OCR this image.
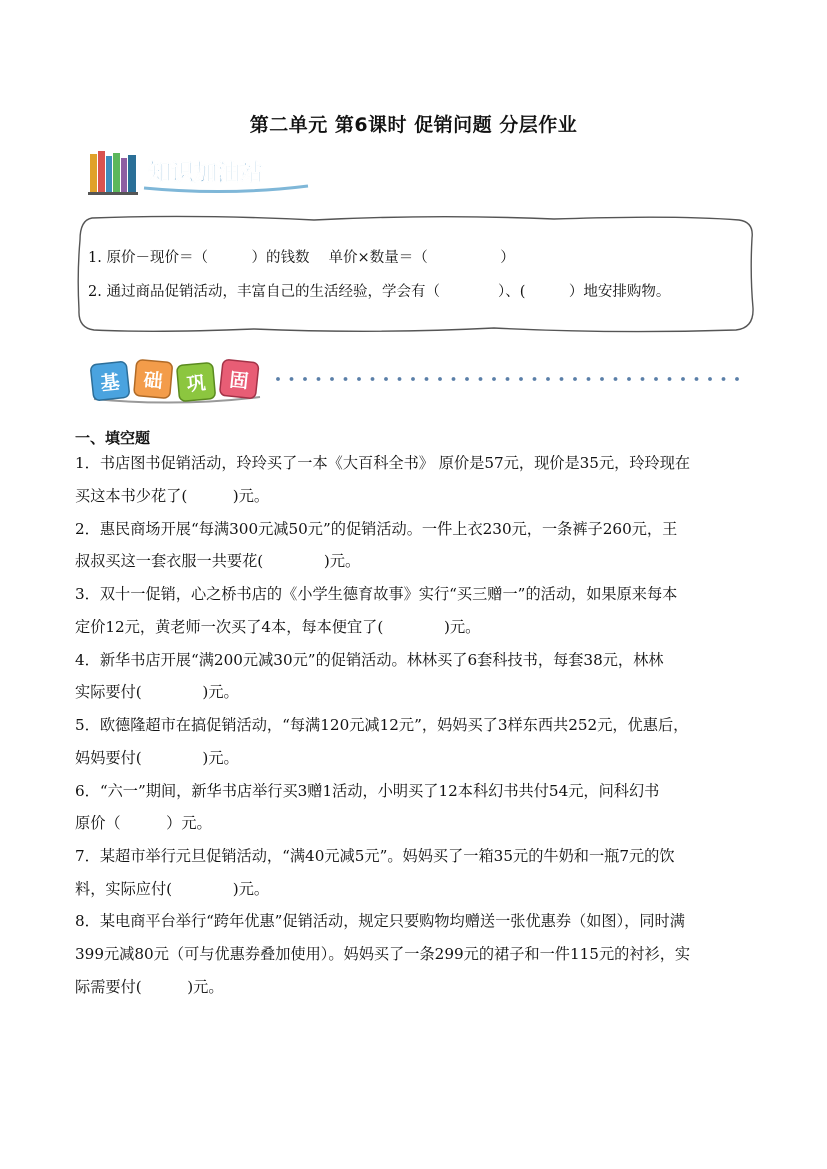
第二单元 第6课时 促销问题 分层作业
知识加油站
1. 原价－现价＝（　　　）的钱数　 单价×数量＝（　　　　　）
2. 通过商品促销活动，丰富自己的生活经验，学会有（　　　　）、(　　　）地安排购物。
基 础 巩 固
一、填空题
1．书店图书促销活动，玲玲买了一本《大百科全书》 原价是57元，现价是35元，玲玲现在
买这本书少花了(　　　)元。
2．惠民商场开展“每满300元减50元”的促销活动。一件上衣230元，一条裤子260元，王
叔叔买这一套衣服一共要花(　　　　)元。
3．双十一促销，心之桥书店的《小学生德育故事》实行“买三赠一”的活动，如果原来每本
定价12元，黄老师一次买了4本，每本便宜了(　　　　)元。
4．新华书店开展“满200元减30元”的促销活动。林林买了6套科技书，每套38元，林林
实际要付(　　　　)元。
5．欧德隆超市在搞促销活动，“每满120元减12元”，妈妈买了3样东西共252元，优惠后，
妈妈要付(　　　　)元。
6．“六一”期间，新华书店举行买3赠1活动，小明买了12本科幻书共付54元，问科幻书
原价（　　　）元。
7．某超市举行元旦促销活动，“满40元减5元”。妈妈买了一箱35元的牛奶和一瓶7元的饮
料，实际应付(　　　　)元。
8．某电商平台举行“跨年优惠”促销活动，规定只要购物均赠送一张优惠券（如图），同时满
399元减80元（可与优惠券叠加使用）。妈妈买了一条299元的裙子和一件115元的衬衫，实
际需要付(　　　)元。
